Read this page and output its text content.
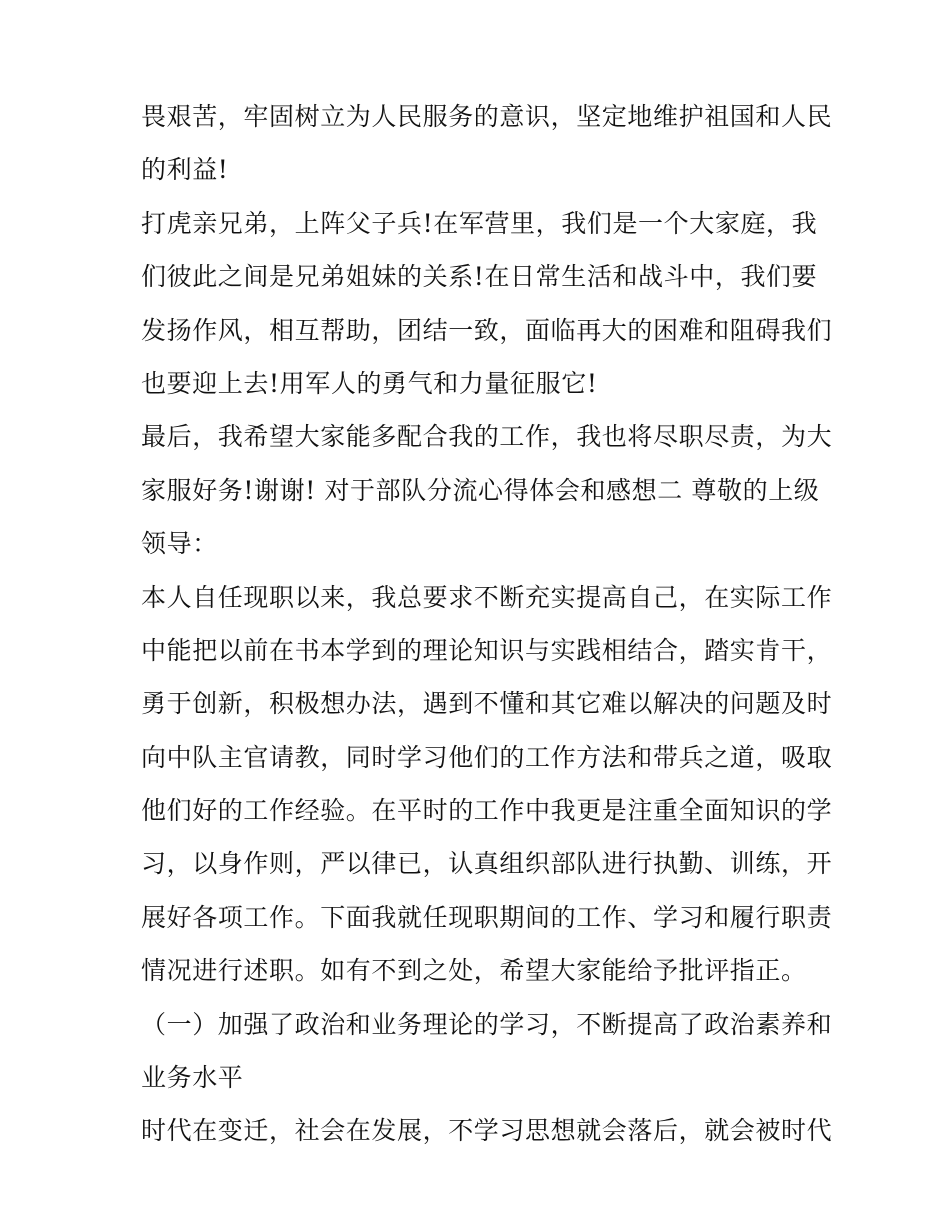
畏艰苦，牢固树立为人民服务的意识，坚定地维护祖国和人民
的利益!
打虎亲兄弟，上阵父子兵!在军营里，我们是一个大家庭，我
们彼此之间是兄弟姐妹的关系!在日常生活和战斗中，我们要
发扬作风，相互帮助，团结一致，面临再大的困难和阻碍我们
也要迎上去!用军人的勇气和力量征服它!
最后，我希望大家能多配合我的工作，我也将尽职尽责，为大
家服好务!谢谢! 对于部队分流心得体会和感想二 尊敬的上级
领导：
本人自任现职以来，我总要求不断充实提高自己，在实际工作
中能把以前在书本学到的理论知识与实践相结合，踏实肯干，
勇于创新，积极想办法，遇到不懂和其它难以解决的问题及时
向中队主官请教，同时学习他们的工作方法和带兵之道，吸取
他们好的工作经验。在平时的工作中我更是注重全面知识的学
习，以身作则，严以律已，认真组织部队进行执勤、训练，开
展好各项工作。下面我就任现职期间的工作、学习和履行职责
情况进行述职。如有不到之处，希望大家能给予批评指正。
（一）加强了政治和业务理论的学习，不断提高了政治素养和
业务水平
时代在变迁，社会在发展，不学习思想就会落后，就会被时代
